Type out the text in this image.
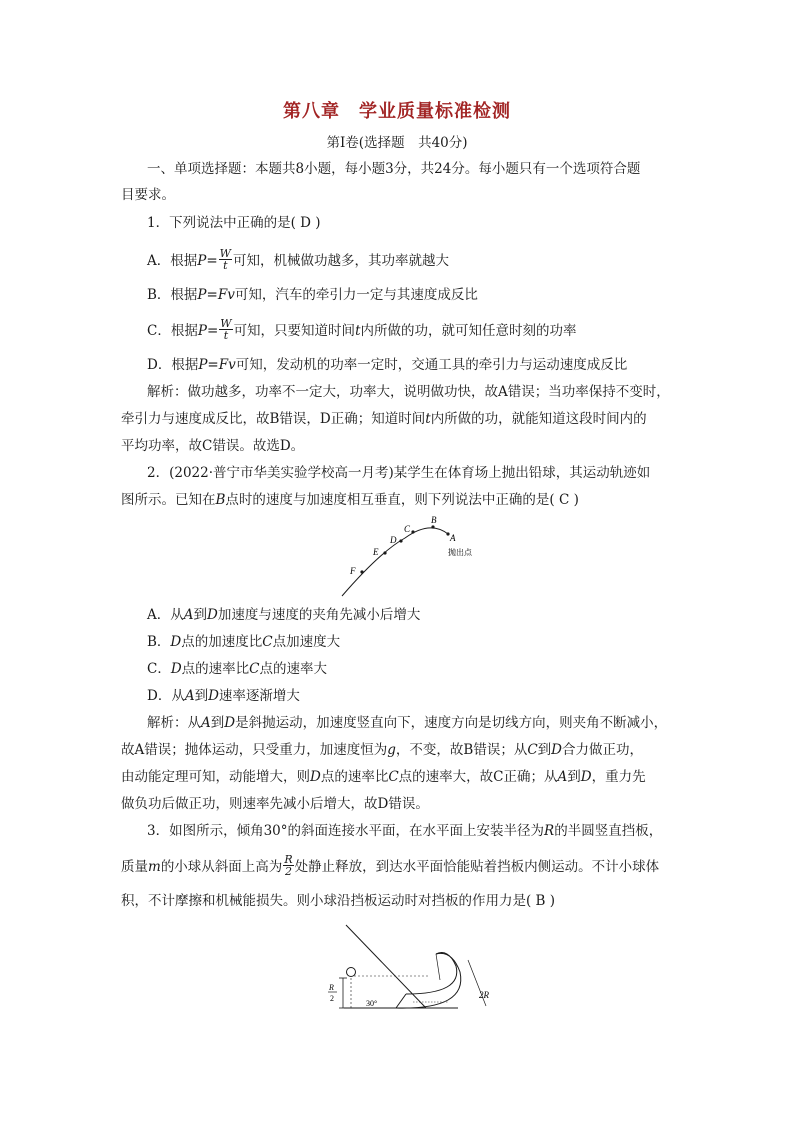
第八章　学业质量标准检测
第Ⅰ卷(选择题　共40分)
一、单项选择题：本题共8小题，每小题3分，共24分。每小题只有一个选项符合题
目要求。
1．下列说法中正确的是( D )
A．根据$P= \frac{W}{t}$ 可知，机械做功越多，其功率就越大
B．根据P=Fv可知，汽车的牵引力一定与其速度成反比
C．根据$P= \frac{W}{t}$ 可知，只要知道时间t内所做的功，就可知任意时刻的功率
D．根据P=Fv可知，发动机的功率一定时，交通工具的牵引力与运动速度成反比
解析：做功越多，功率不一定大，功率大，说明做功快，故A错误；当功率保持不变时，
牵引力与速度成反比，故B错误，D正确；知道时间t内所做的功，就能知道这段时间内的
平均功率，故C错误。故选D。
2．(2022·普宁市华美实验学校高一月考)某学生在体育场上抛出铅球，其运动轨迹如
图所示。已知在B点时的速度与加速度相互垂直，则下列说法中正确的是( C )
A
B
C
D
E
F
抛出点
A．从A到D加速度与速度的夹角先减小后增大
B．D点的加速度比C点加速度大
C．D点的速率比C点的速率大
D．从A到D速率逐渐增大
解析：从A到D是斜抛运动，加速度竖直向下，速度方向是切线方向，则夹角不断减小，
故A错误；抛体运动，只受重力，加速度恒为g，不变，故B错误；从C到D合力做正功，
由动能定理可知，动能增大，则D点的速率比C点的速率大，故C正确；从A到D，重力先
做负功后做正功，则速率先减小后增大，故D错误。
3．如图所示，倾角30°的斜面连接水平面，在水平面上安装半径为R的半圆竖直挡板，
质量m的小球从斜面上高为 $\frac{R}{2}$ 处静止释放，到达水平面恰能贴着挡板内侧运动。不计小球体
积，不计摩擦和机械能损失。则小球沿挡板运动时对挡板的作用力是( B )
R
2
30°
2R
